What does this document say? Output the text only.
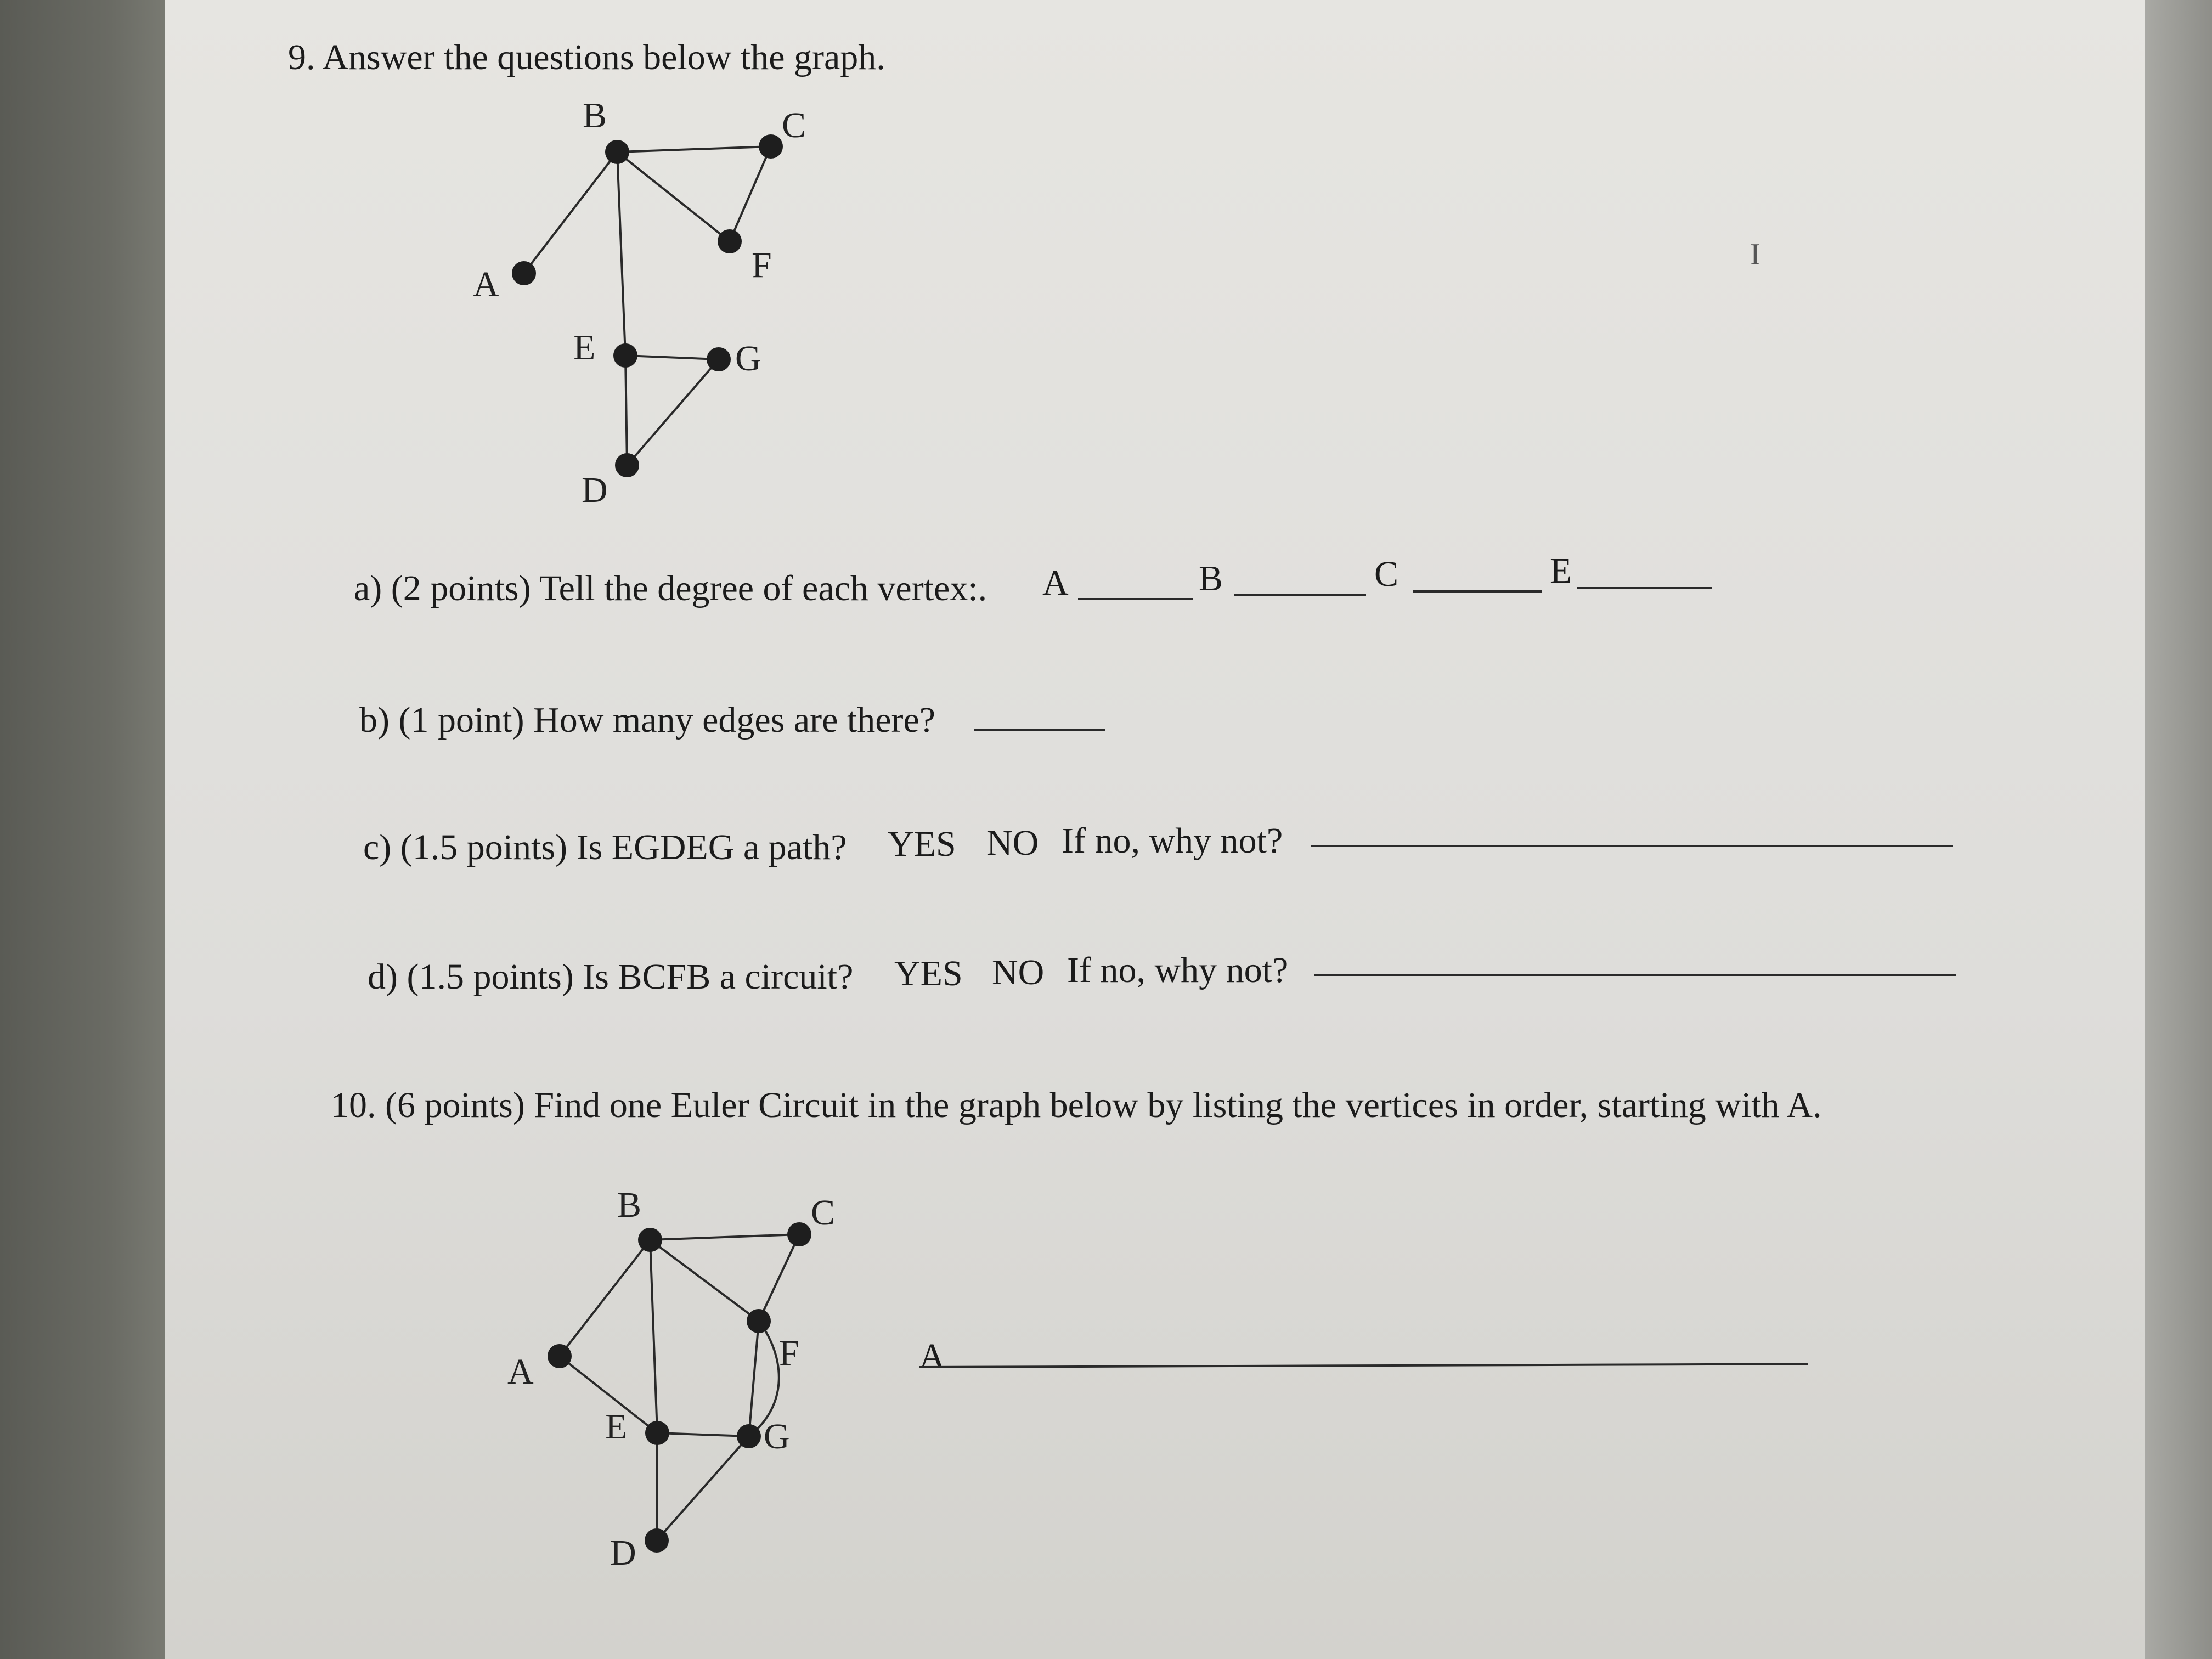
9. Answer the questions below the graph.
B	C
A	F
E	G
D
I
a) (2 points) Tell the degree of each vertex:. A	B	C	E
b) (1 point) How many edges are there?
c) (1.5 points) Is EGDEG a path? YES NO If no, why not?
d) (1.5 points) Is BCFB a circuit? YES NO If no, why not?
10. (6 points) Find one Euler Circuit in the graph below by listing the vertices in order, starting with A.
B	C
A	F
E	G
D
A
